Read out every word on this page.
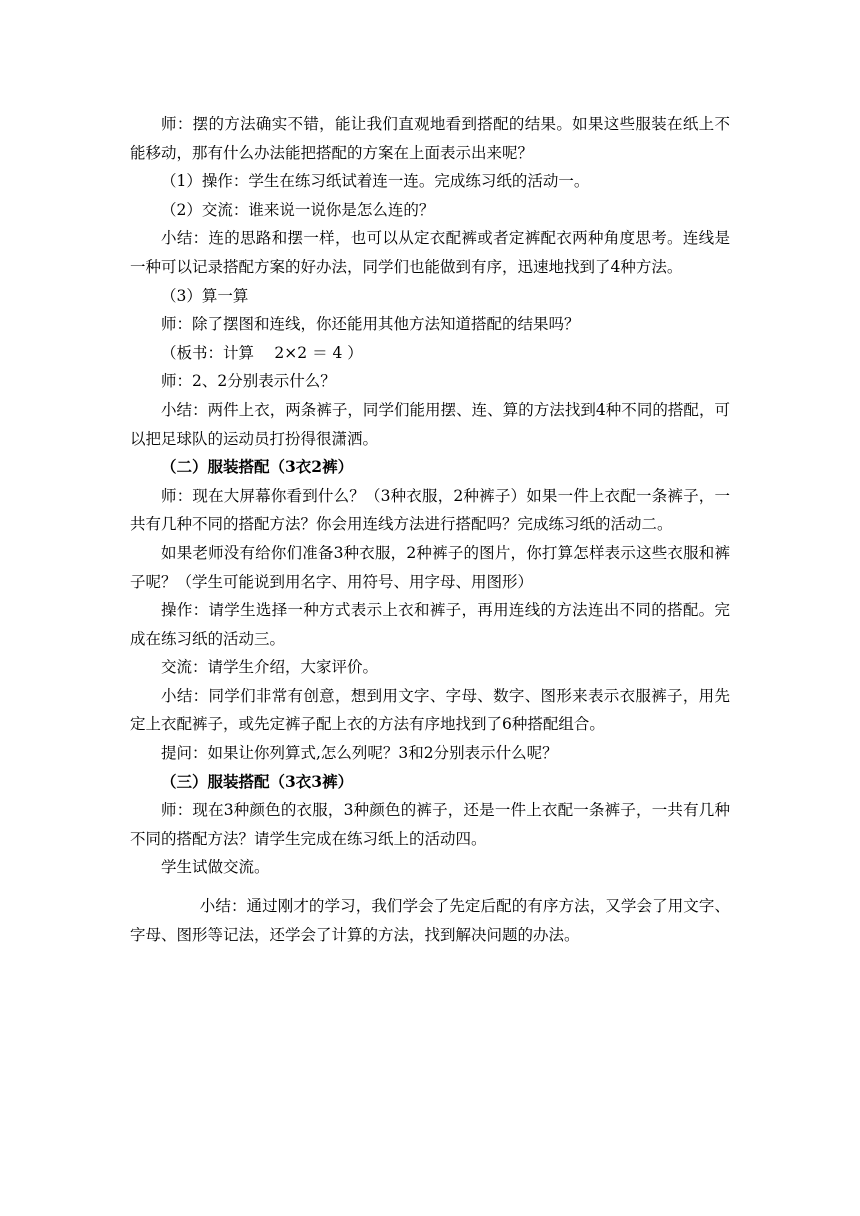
师：摆的方法确实不错，能让我们直观地看到搭配的结果。如果这些服装在纸上不能移动，那有什么办法能把搭配的方案在上面表示出来呢？

（1）操作：学生在练习纸试着连一连。完成练习纸的活动一。

（2）交流：谁来说一说你是怎么连的？

小结：连的思路和摆一样，也可以从定衣配裤或者定裤配衣两种角度思考。连线是一种可以记录搭配方案的好办法，同学们也能做到有序，迅速地找到了4种方法。

（3）算一算

师：除了摆图和连线，你还能用其他方法知道搭配的结果吗？

（板书：计算　 2×2 ＝ 4 ）

师：2、2分别表示什么？

小结：两件上衣，两条裤子，同学们能用摆、连、算的方法找到4种不同的搭配，可以把足球队的运动员打扮得很潇洒。

（二）服装搭配（3衣2裤）

师：现在大屏幕你看到什么？（3种衣服，2种裤子）如果一件上衣配一条裤子，一共有几种不同的搭配方法？你会用连线方法进行搭配吗？完成练习纸的活动二。

如果老师没有给你们准备3种衣服，2种裤子的图片，你打算怎样表示这些衣服和裤子呢？（学生可能说到用名字、用符号、用字母、用图形）

操作：请学生选择一种方式表示上衣和裤子，再用连线的方法连出不同的搭配。完成在练习纸的活动三。

交流：请学生介绍，大家评价。

小结：同学们非常有创意，想到用文字、字母、数字、图形来表示衣服裤子，用先定上衣配裤子，或先定裤子配上衣的方法有序地找到了6种搭配组合。

提问：如果让你列算式,怎么列呢？3和2分别表示什么呢？

（三）服装搭配（3衣3裤）

师：现在3种颜色的衣服，3种颜色的裤子，还是一件上衣配一条裤子，一共有几种不同的搭配方法？请学生完成在练习纸上的活动四。

学生试做交流。

小结：通过刚才的学习，我们学会了先定后配的有序方法，又学会了用文字、字母、图形等记法，还学会了计算的方法，找到解决问题的办法。
